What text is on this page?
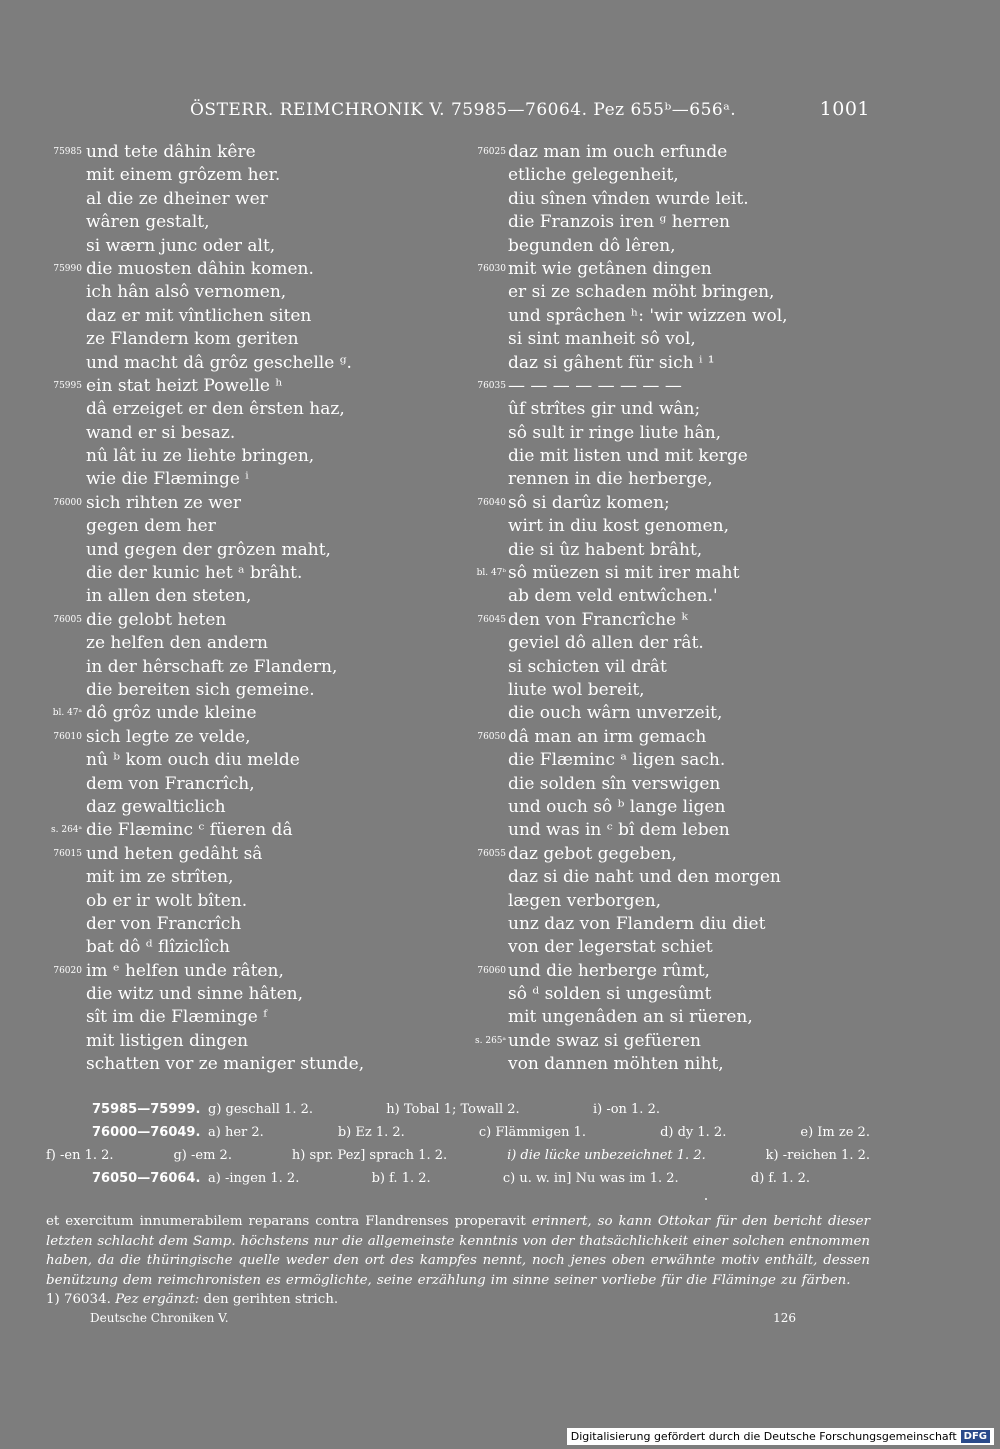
ÖSTERR. REIMCHRONIK V. 75985—76064. Pez 655ᵇ—656ᵃ.	1001
75985 und tete dâhin kêre
mit einem grôzem her.
al die ze dheiner wer
wâren gestalt,
si wærn junc oder alt,
75990 die muosten dâhin komen.
ich hân alsô vernomen,
daz er mit vîntlichen siten
ze Flandern kom geriten
und macht dâ grôz geschelle ᵍ.
75995 ein stat heizt Powelle ʰ
dâ erzeiget er den êrsten haz,
wand er si besaz.
nû lât iu ze liehte bringen,
wie die Flæminge ⁱ
76000 sich rihten ze wer
gegen dem her
und gegen der grôzen maht,
die der kunic het ᵃ brâht.
in allen den steten,
76005 die gelobt heten
ze helfen den andern
in der hêrschaft ze Flandern,
die bereiten sich gemeine.
bl. 47ᵃ dô grôz unde kleine
76010 sich legte ze velde,
nû ᵇ kom ouch diu melde
dem von Francrîch,
daz gewalticlich
s. 264ᵃ die Flæminc ᶜ füeren dâ
76015 und heten gedâht sâ
mit im ze strîten,
ob er ir wolt bîten.
der von Francrîch
bat dô ᵈ flîziclîch
76020 im ᵉ helfen unde râten,
die witz und sinne hâten,
sît im die Flæminge ᶠ
mit listigen dingen
schatten vor ze maniger stunde,
76025 daz man im ouch erfunde
etliche gelegenheit,
diu sînen vînden wurde leit.
die Franzois iren ᵍ herren
begunden dô lêren,
76030 mit wie getânen dingen
er si ze schaden möht bringen,
und sprâchen ʰ: 'wir wizzen wol,
si sint manheit sô vol,
daz si gâhent für sich ⁱ ¹
76035 — — — — — — — —
ûf strîtes gir und wân;
sô sult ir ringe liute hân,
die mit listen und mit kerge
rennen in die herberge,
76040 sô si darûz komen;
wirt in diu kost genomen,
die si ûz habent brâht,
bl. 47ᵇ sô müezen si mit irer maht
ab dem veld entwîchen.'
76045 den von Francrîche ᵏ
geviel dô allen der rât.
si schicten vil drât
liute wol bereit,
die ouch wârn unverzeit,
76050 dâ man an irm gemach
die Flæminc ᵃ ligen sach.
die solden sîn verswigen
und ouch sô ᵇ lange ligen
und was in ᶜ bî dem leben
76055 daz gebot gegeben,
daz si die naht und den morgen
lægen verborgen,
unz daz von Flandern diu diet
von der legerstat schiet
76060 und die herberge rûmt,
sô ᵈ solden si ungesûmt
mit ungenâden an si rüeren,
s. 265ᵃ unde swaz si gefüeren
von dannen möhten niht,
75985—75999. g) geschall 1. 2.	h) Tobal 1; Towall 2.	i) -on 1. 2.
76000—76049. a) her 2.	b) Ez 1. 2.	c) Flämmigen 1.	d) dy 1. 2.	e) Im ze 2.
f) -en 1. 2.	g) -em 2.	h) spr. Pez] sprach 1. 2.	i) die lücke unbezeichnet 1. 2.	k) -reichen 1. 2.
76050—76064. a) -ingen 1. 2.	b) f. 1. 2.	c) u. w. in] Nu was im 1. 2.	d) f. 1. 2.
et exercitum innumerabilem reparans contra Flandrenses properavit erinnert, so kann Ottokar für den bericht dieser letzten schlacht dem Samp. höchstens nur die allgemeinste kenntnis von der thatsächlichkeit einer solchen entnommen haben, da die thüringische quelle weder den ort des kampfes nennt, noch jenes oben erwähnte motiv enthält, dessen benützung dem reimchronisten es ermöglichte, seine erzählung im sinne seiner vorliebe für die Fläminge zu färben.     1) 76034. Pez ergänzt: den gerihten strich.
Deutsche Chroniken V.	126
Digitalisierung gefördert durch die Deutsche Forschungsgemeinschaft DFG
